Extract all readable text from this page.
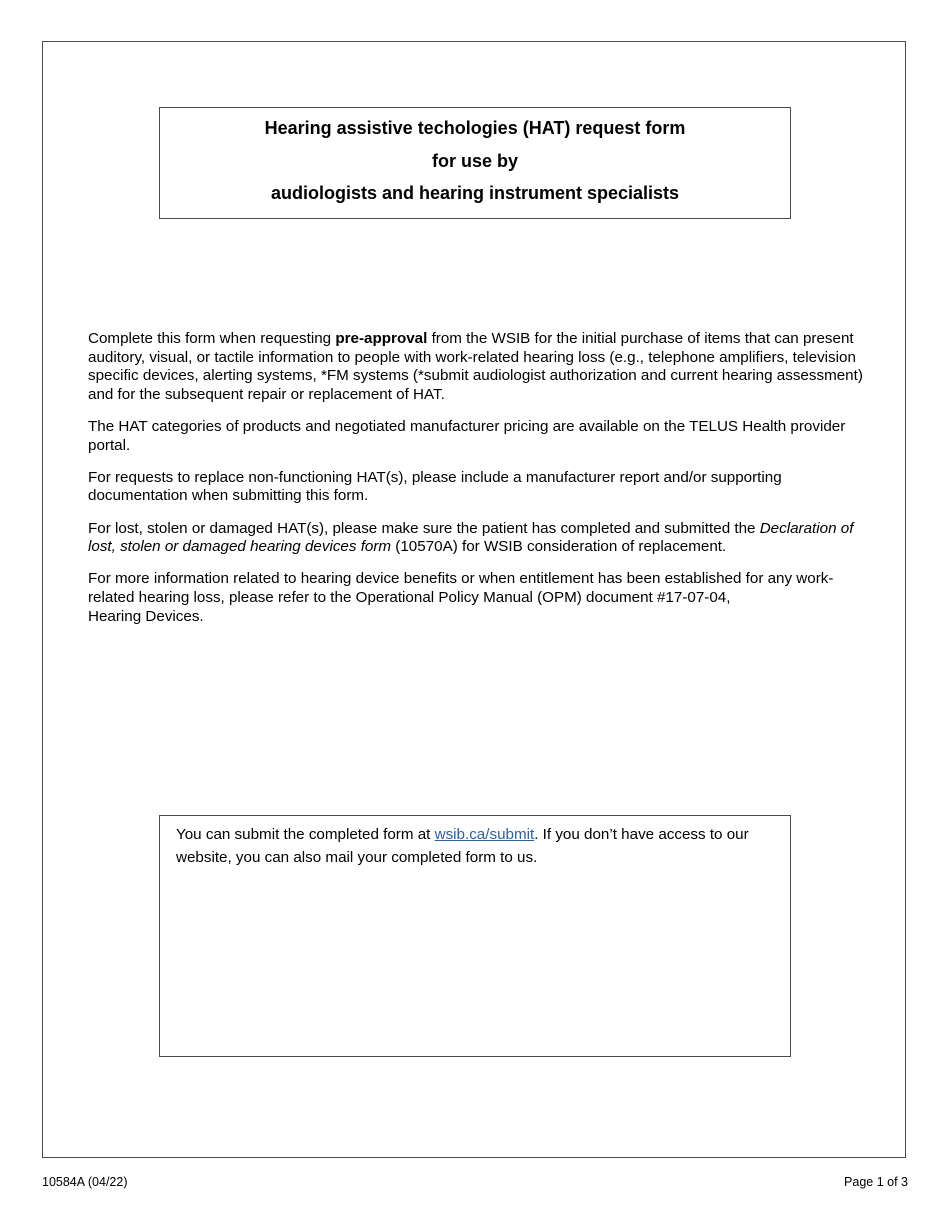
Hearing assistive techologies (HAT) request form
for use by
audiologists and hearing instrument specialists

Complete this form when requesting pre-approval from the WSIB for the initial purchase of items that can present auditory, visual, or tactile information to people with work-related hearing loss (e.g., telephone amplifiers, television specific devices, alerting systems, *FM systems (*submit audiologist authorization and current hearing assessment) and for the subsequent repair or replacement of HAT.

The HAT categories of products and negotiated manufacturer pricing are available on the TELUS Health provider portal.

For requests to replace non-functioning HAT(s), please include a manufacturer report and/or supporting documentation when submitting this form.

For lost, stolen or damaged HAT(s), please make sure the patient has completed and submitted the Declaration of lost, stolen or damaged hearing devices form (10570A) for WSIB consideration of replacement.

For more information related to hearing device benefits or when entitlement has been established for any work-related hearing loss, please refer to the Operational Policy Manual (OPM) document #17-07-04,
Hearing Devices.

You can submit the completed form at wsib.ca/submit. If you don’t have access to our website, you can also mail your completed form to us.
10584A (04/22)	Page 1 of 3
